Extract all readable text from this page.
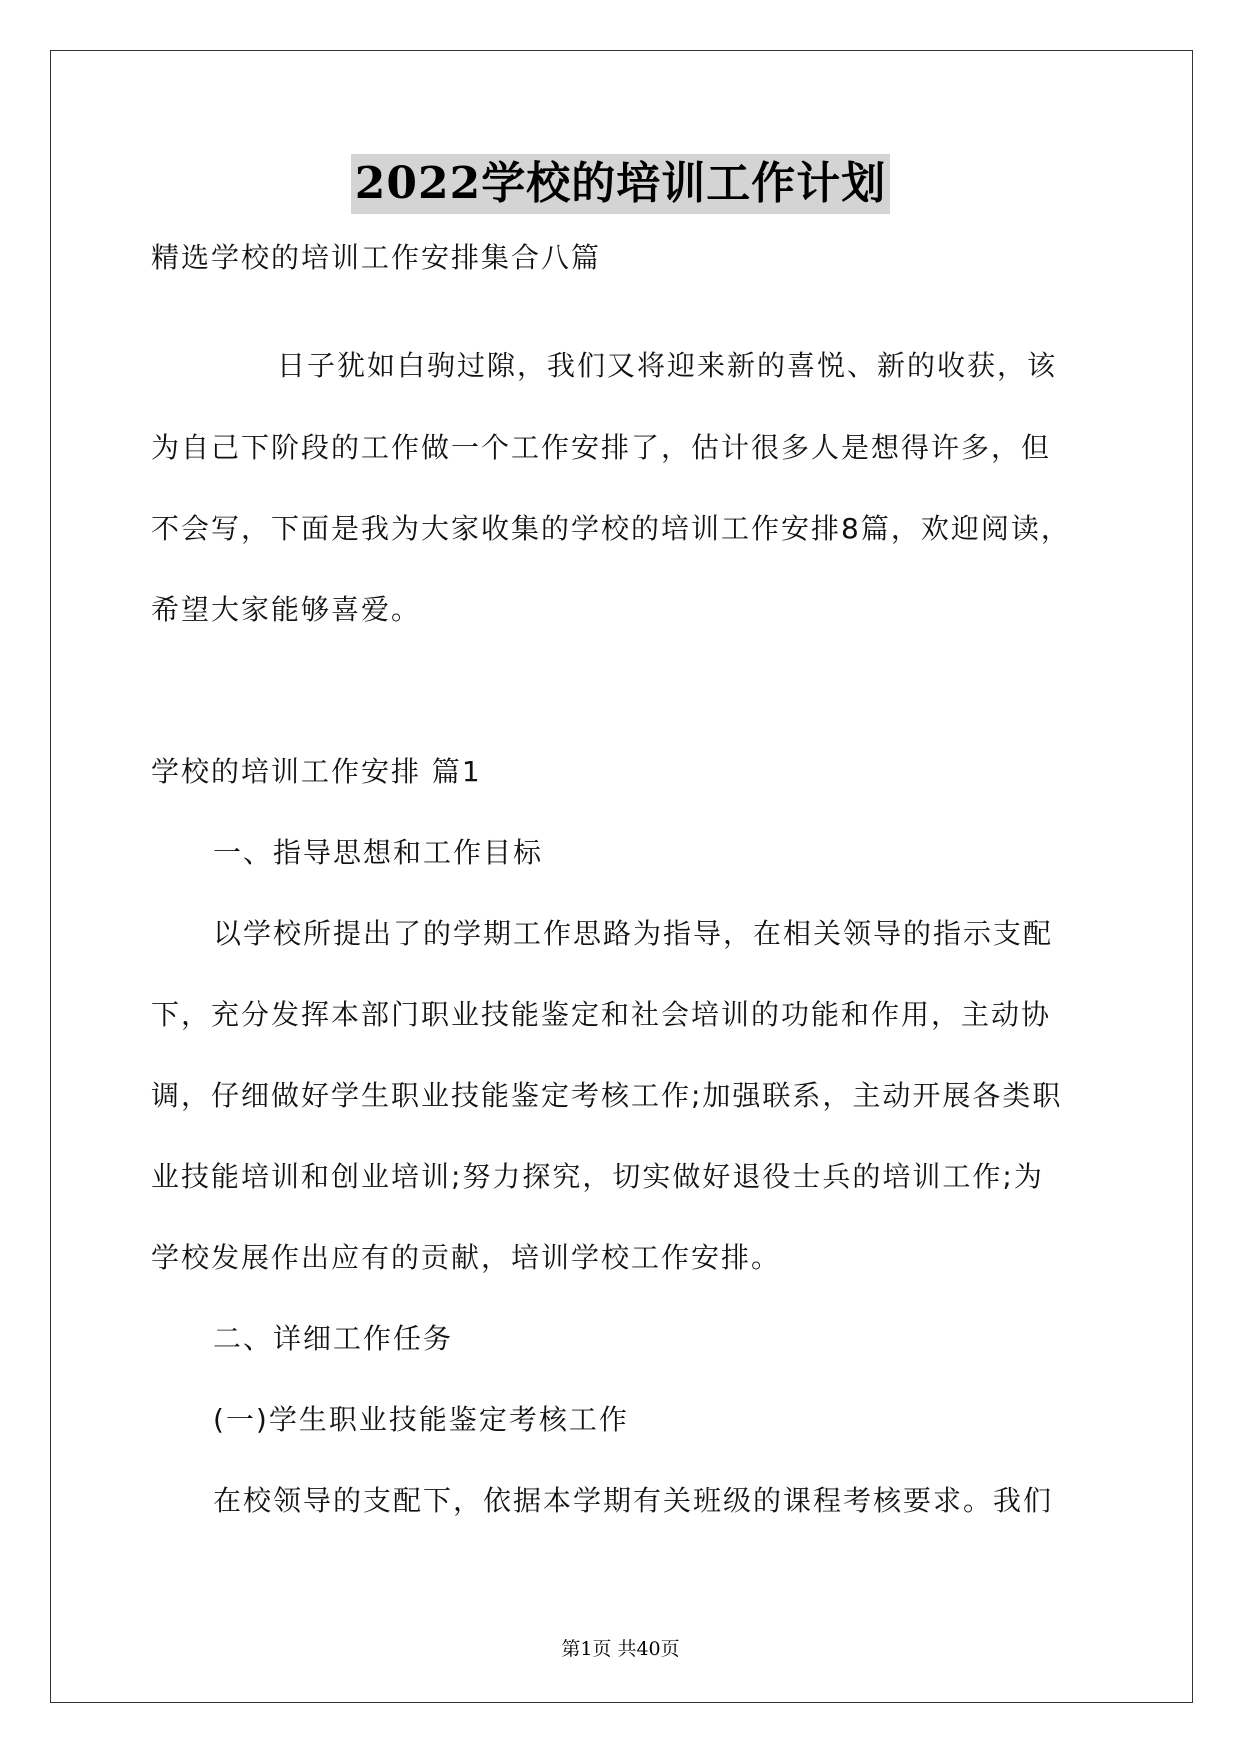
2022学校的培训工作计划
精选学校的培训工作安排集合八篇
日子犹如白驹过隙，我们又将迎来新的喜悦、新的收获，该
为自己下阶段的工作做一个工作安排了，估计很多人是想得许多，但
不会写，下面是我为大家收集的学校的培训工作安排8篇，欢迎阅读，
希望大家能够喜爱。
学校的培训工作安排 篇1
一、指导思想和工作目标
以学校所提出了的学期工作思路为指导，在相关领导的指示支配
下，充分发挥本部门职业技能鉴定和社会培训的功能和作用，主动协
调，仔细做好学生职业技能鉴定考核工作;加强联系，主动开展各类职
业技能培训和创业培训;努力探究，切实做好退役士兵的培训工作;为
学校发展作出应有的贡献，培训学校工作安排。
二、详细工作任务
(一)学生职业技能鉴定考核工作
在校领导的支配下，依据本学期有关班级的课程考核要求。我们
第1页 共40页
